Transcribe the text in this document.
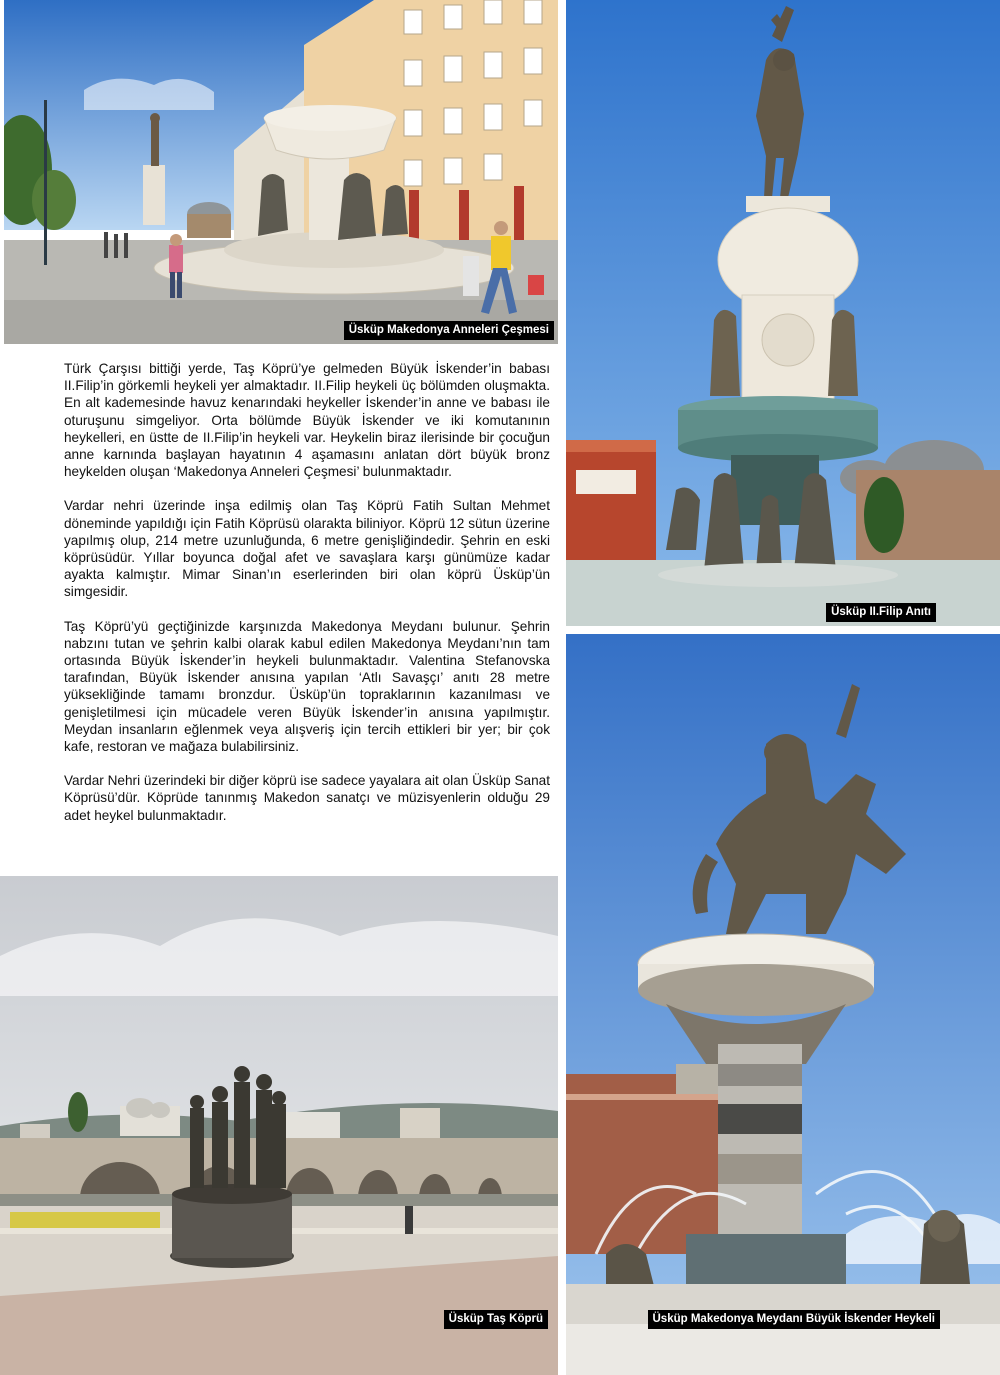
Üsküp Makedonya Anneleri Çeşmesi
Üsküp II.Filip Anıtı

Türk Çarşısı bittiği yerde, Taş Köprü’ye gelmeden Büyük İskender’in babası II.Filip’in görkemli heykeli yer almaktadır. II.Filip heykeli üç bölümden oluşmakta. En alt kademesinde havuz kenarındaki heykeller İskender’in anne ve babası ile oturuşunu simgeliyor. Orta bölümde Büyük İskender ve iki komutanının heykelleri, en üstte de II.Filip’in heykeli var. Heykelin biraz ilerisinde bir çocuğun anne karnında başlayan hayatının 4 aşamasını anlatan dört büyük bronz heykelden oluşan ‘Makedonya Anneleri Çeşmesi’ bulunmaktadır.

Vardar nehri üzerinde inşa edilmiş olan Taş Köprü Fatih Sultan Mehmet döneminde yapıldığı için Fatih Köprüsü olarakta biliniyor. Köprü 12 sütun üzerine yapılmış olup, 214 metre uzunluğunda, 6 metre genişliğindedir. Şehrin en eski köprüsüdür. Yıllar boyunca doğal afet ve savaşlara karşı günümüze kadar ayakta kalmıştır. Mimar Sinan’ın eserlerinden biri olan köprü Üsküp’ün simgesidir.

Taş Köprü’yü geçtiğinizde karşınızda Makedonya Meydanı bulunur. Şehrin nabzını tutan ve şehrin kalbi olarak kabul edilen Makedonya Meydanı’nın tam ortasında Büyük İskender’in heykeli bulunmaktadır. Valentina Stefanovska tarafından, Büyük İskender anısına yapılan ‘Atlı Savaşçı’ anıtı 28 metre yüksekliğinde tamamı bronzdur. Üsküp’ün topraklarının kazanılması ve genişletilmesi için mücadele veren Büyük İskender’in anısına yapılmıştır. Meydan insanların eğlenmek veya alışveriş için tercih ettikleri bir yer; bir çok kafe, restoran ve mağaza bulabilirsiniz.

Vardar Nehri üzerindeki bir diğer köprü ise sadece yayalara ait olan Üsküp Sanat Köprüsü’dür. Köprüde tanınmış Makedon sanatçı ve müzisyenlerin olduğu 29 adet heykel bulunmaktadır.

Üsküp Makedonya Meydanı Büyük İskender Heykeli
Üsküp Taş Köprü
